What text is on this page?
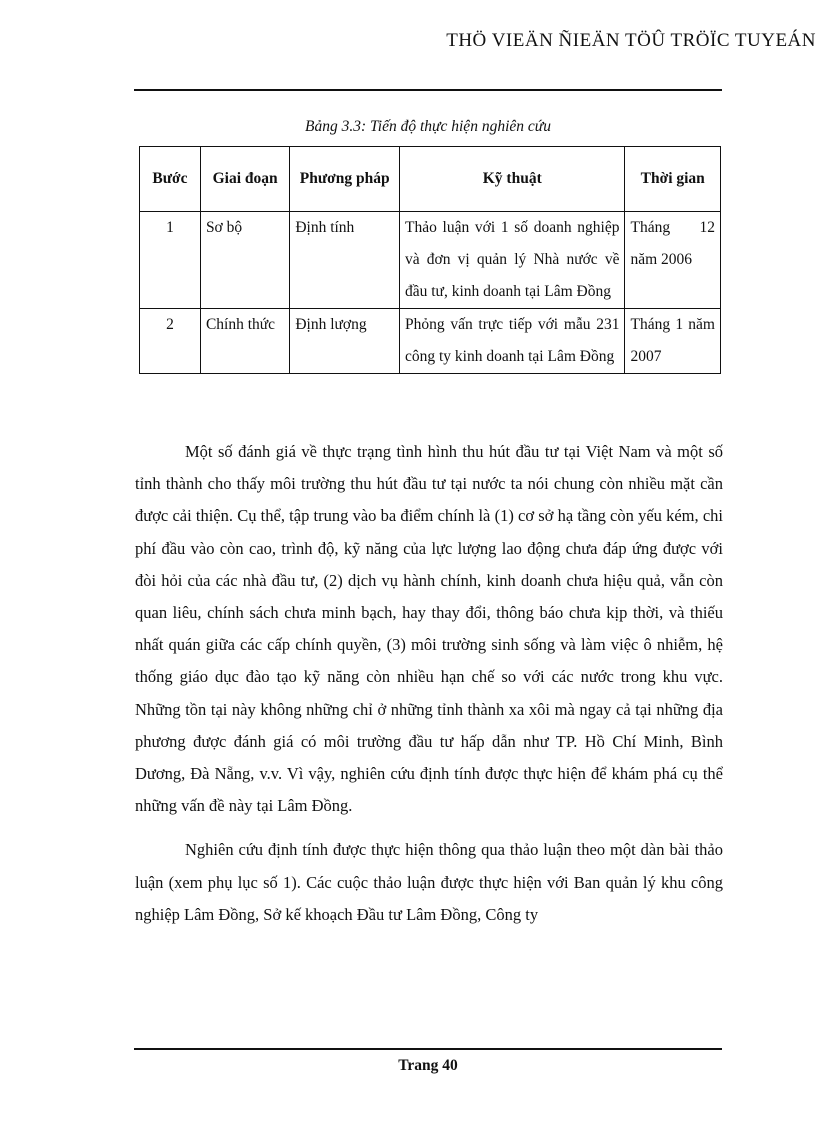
THÖ VIEÄN ÑIEÄN TÖÛ TRÖÏC TUYEÁN
Bảng 3.3: Tiến độ thực hiện nghiên cứu
Bước	Giai đoạn	Phương pháp	Kỹ thuật	Thời gian
1	Sơ bộ	Định tính	Thảo luận với 1 số doanh nghiệp và đơn vị quản lý Nhà nước về đầu tư, kinh doanh tại Lâm Đồng	Tháng 12 năm 2006
2	Chính thức	Định lượng	Phỏng vấn trực tiếp với mẫu 231 công ty kinh doanh tại Lâm Đồng	Tháng 1 năm 2007

Một số đánh giá về thực trạng tình hình thu hút đầu tư tại Việt Nam và một số tỉnh thành cho thấy môi trường thu hút đầu tư tại nước ta nói chung còn nhiều mặt cần được cải thiện. Cụ thể, tập trung vào ba điểm chính là (1) cơ sở hạ tầng còn yếu kém, chi phí đầu vào còn cao, trình độ, kỹ năng của lực lượng lao động chưa đáp ứng được với đòi hỏi của các nhà đầu tư, (2) dịch vụ hành chính, kinh doanh chưa hiệu quả, vẫn còn quan liêu, chính sách chưa minh bạch, hay thay đổi, thông báo chưa kịp thời, và thiếu nhất quán giữa các cấp chính quyền, (3) môi trường sinh sống và làm việc ô nhiễm, hệ thống giáo dục đào tạo kỹ năng còn nhiều hạn chế so với các nước trong khu vực. Những tồn tại này không những chỉ ở những tỉnh thành xa xôi mà ngay cả tại những địa phương được đánh giá có môi trường đầu tư hấp dẫn như TP. Hồ Chí Minh, Bình Dương, Đà Nẵng, v.v. Vì vậy, nghiên cứu định tính được thực hiện để khám phá cụ thể những vấn đề này tại Lâm Đồng.

Nghiên cứu định tính được thực hiện thông qua thảo luận theo một dàn bài thảo luận (xem phụ lục số 1). Các cuộc thảo luận được thực hiện với Ban quản lý khu công nghiệp Lâm Đồng, Sở kế khoạch Đầu tư Lâm Đồng, Công ty

Trang 40
